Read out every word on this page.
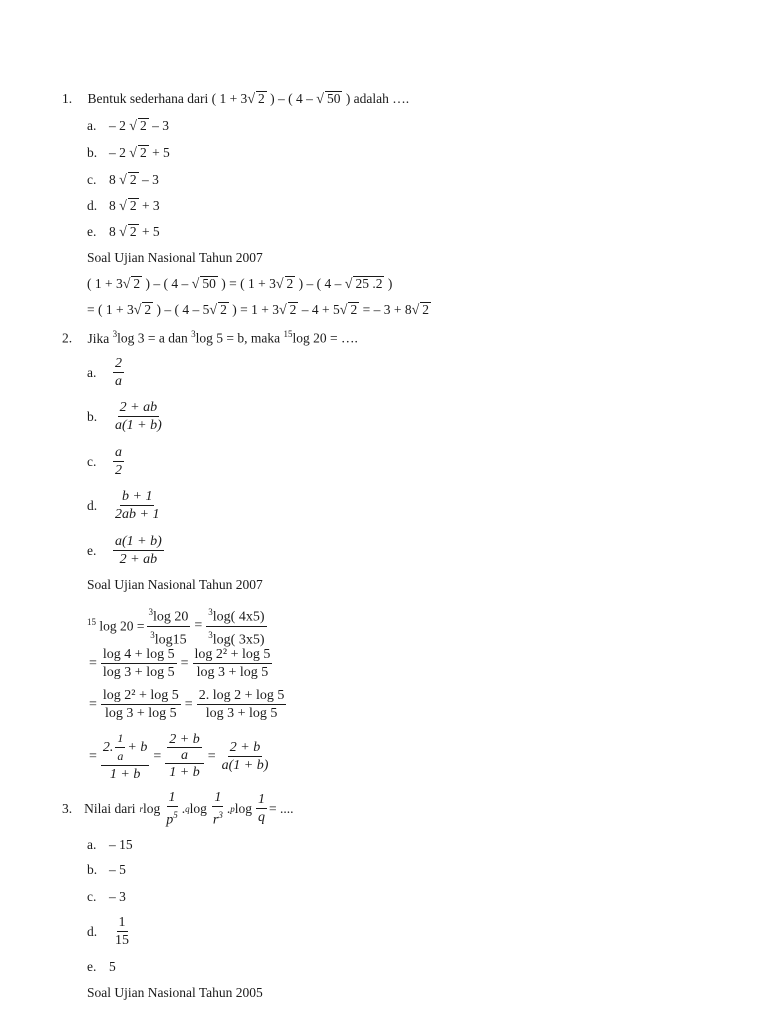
1. Bentuk sederhana dari ( 1 + 3√ 2 ) – ( 4 – √ 50 ) adalah ….
a. – 2 √ 2 – 3
b. – 2 √ 2 + 5
c. 8 √ 2 – 3
d. 8 √ 2 + 3
e. 8 √ 2 + 5
Soal Ujian Nasional Tahun 2007
( 1 + 3√ 2 ) – ( 4 – √ 50 ) = ( 1 + 3√ 2 ) – ( 4 – √ 25 .2 )
= ( 1 + 3√ 2 ) – ( 4 – 5√ 2 ) = 1 + 3√ 2 – 4 + 5√ 2 = – 3 + 8√ 2
2. Jika $^3$log 3 = a dan $^3$log 5 = b, maka $^{15}$log 20 = ….
a.	$\frac{2}{a}$
b.	$\frac{2 + ab}{a(1 + b)}$
c.	$\frac{a}{2}$
d.	$\frac{b + 1}{2ab + 1}$
e.	$\frac{a(1 + b)}{2 + ab}$
Soal Ujian Nasional Tahun 2007
$^{15}$ $\log 20 = \frac{^3\log 20}{^3\log 15} = \frac{^3\log( 4x5)}{^3\log( 3x5)}$
= $\frac{\log 4 + \log 5}{\log 3 + \log 5} = \frac{\text{log 2² + log 5}}{\log 3 + \log 5}$
= $\frac{\text{log 2² + log 5}}{\log 3 + \log 5} = \frac{2. \log 2 + \log 5}{\log 3 + \log 5}$
= $\frac{2. \frac{1}{a} + b}{1 + b} = 2 + b$
a
$1 + b = \frac{2 + b}{a(1 + b)}$
3. Nilai dari r $\log \frac{1}{p^5}$ . q $\log \frac{1}{r^3}$ . p $\log \frac{1}{q}$ = ....
a. – 15
b. – 5
c. – 3
d.	$\frac{1}{15}$
e. 5
Soal Ujian Nasional Tahun 2005
